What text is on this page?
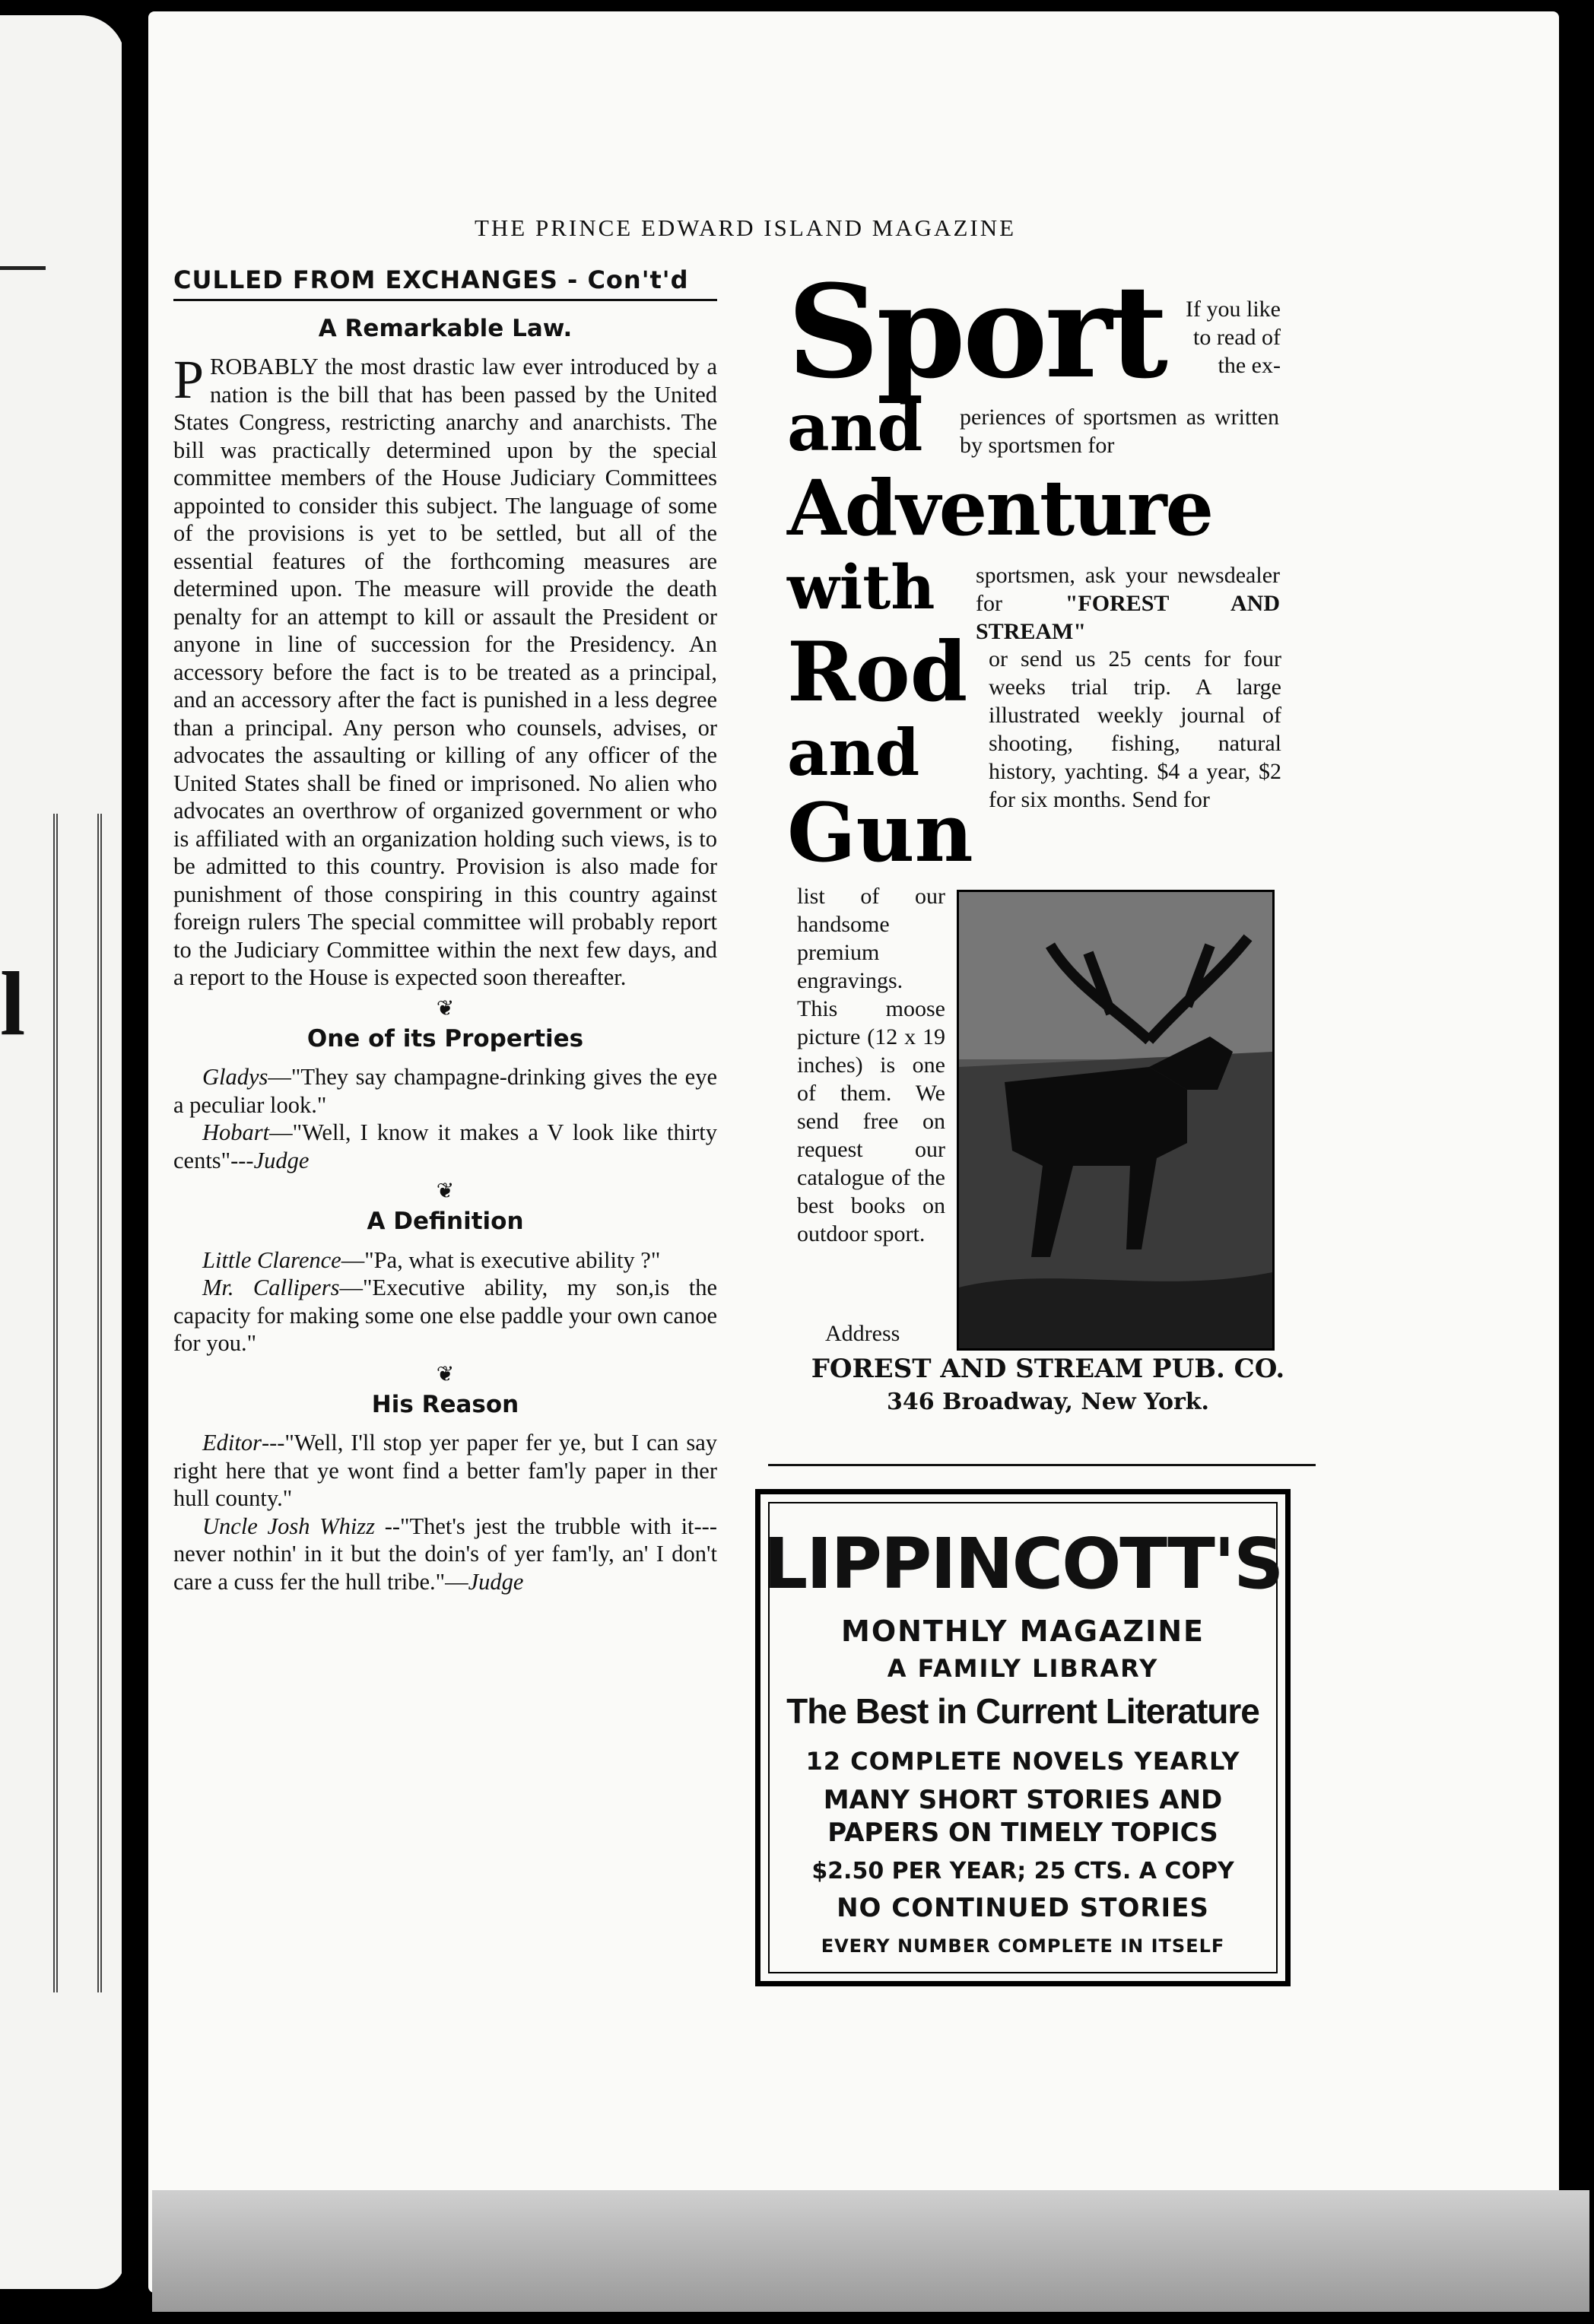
l
THE PRINCE EDWARD ISLAND MAGAZINE
CULLED FROM EXCHANGES - Con't'd
A Remarkable Law.

PROBABLY the most drastic law ever introduced by a nation is the bill that has been passed by the United States Congress, restricting anarchy and anarchists. The bill was practically determined upon by the special committee members of the House Judiciary Committees appointed to consider this subject. The language of some of the provisions is yet to be settled, but all of the essential features of the forthcoming measures are determined upon. The measure will provide the death penalty for an attempt to kill or assault the President or anyone in line of succession for the Presidency. An accessory before the fact is to be treated as a principal, and an accessory after the fact is punished in a less degree than a principal. Any person who counsels, advises, or advocates the assaulting or killing of any officer of the United States shall be fined or imprisoned. No alien who advocates an overthrow of organized government or who is affiliated with an organization holding such views, is to be admitted to this country. Provision is also made for punishment of those conspiring in this country against foreign rulers The special committee will probably report to the Judiciary Committee within the next few days, and a report to the House is expected soon thereafter.

❦
One of its Properties

Gladys—"They say champagne-drinking gives the eye a peculiar look."

Hobart—"Well, I know it makes a V look like thirty cents"---Judge

❦
A Definition

Little Clarence—"Pa, what is executive ability ?"

Mr. Callipers—"Executive ability, my son,is the capacity for making some one else paddle your own canoe for you."

❦
His Reason

Editor---"Well, I'll stop yer paper fer ye, but I can say right here that ye wont find a better fam'ly paper in ther hull county."

Uncle Josh Whizz --"Thet's jest the trubble with it---never nothin' in it but the doin's of yer fam'ly, an' I don't care a cuss fer the hull tribe."—Judge

Sport
and
Adventure
with
Rod
and
Gun
If you like to read of the ex-
periences of sportsmen as written by sportsmen for
sportsmen, ask your newsdealer for	"FOREST AND STREAM"
or send us 25 cents for four weeks trial trip. A large illustrated weekly journal of shooting, fishing, natural history, yachting. $4 a year, $2 for six months. Send for
list of our handsome premium engravings. This moose picture (12 x 19 inches) is one of them. We send free on request our catalogue of the best books on outdoor sport.
Address
FOREST AND STREAM PUB. CO.
346 Broadway, New York.
LIPPINCOTT'S
MONTHLY MAGAZINE
A FAMILY LIBRARY
The Best in Current Literature
12 COMPLETE NOVELS YEARLY
MANY SHORT STORIES AND
PAPERS ON TIMELY TOPICS
$2.50 PER YEAR; 25 CTS. A COPY
NO CONTINUED STORIES
EVERY NUMBER COMPLETE IN ITSELF
